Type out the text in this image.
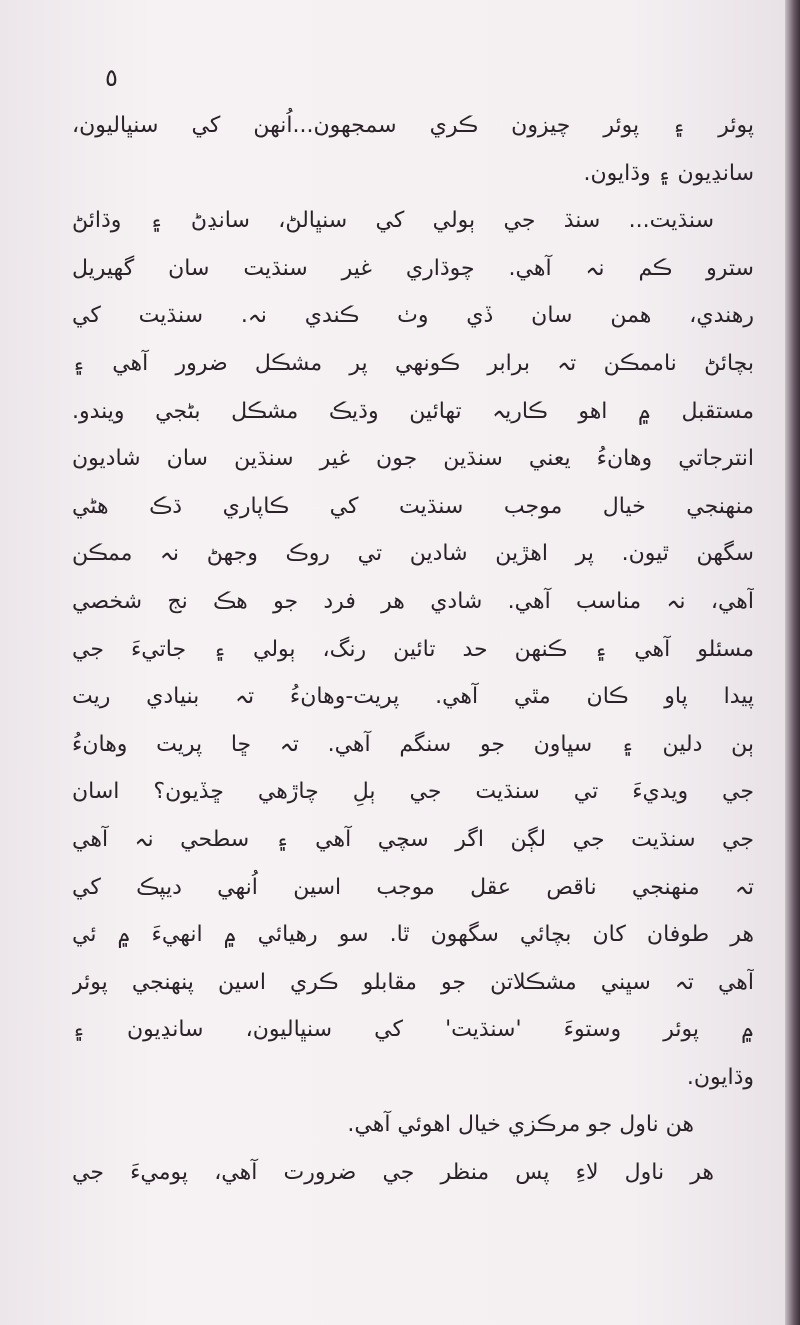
٥
پوئر ۽ پوئر چيزون ڪري سمجهون...اُنهن کي سنڀاليون،
سانڍيون ۽ وڌايون.
سنڌيت... سنڌ جي ٻولي کي سنڀالڻ، سانڍڻ ۽ وڌائڻ
سترو ڪم نہ آهي. چوڌاري غير سنڌيت سان گهيريل
رهندي، همن سان ڏي وٺ ڪندي نہ. سنڌيت کي
بچائڻ ناممڪن تہ برابر ڪونهي پر مشڪل ضرور آهي ۽
مستقبل ۾ اهو ڪاريہ تهائين وڌيڪ مشڪل بڻجي ويندو.
انترجاتي وهانءُ يعني سنڌين جون غير سنڌين سان شاديون
منهنجي خيال موجب سنڌيت کي ڪاپاري ڌڪ هڻي
سگهن ٿيون. پر اهڙين شادين تي روڪ وجهڻ نہ ممڪن
آهي، نہ مناسب آهي. شادي هر فرد جو هڪ نج شخصي
مسئلو آهي ۽ ڪنهن حد تائين رنگ، ٻولي ۽ جاتيءَ جي
پيدا پاو ڪان مٿي آهي. پريت-وهانءُ تہ بنيادي ريت
ٻن دلين ۽ سڀاون جو سنگم آهي. تہ ڇا پريت وهانءُ
جي ويديءَ تي سنڌيت جي ٻلِ چاڙهي ڇڏيون؟ اسان
جي سنڌيت جي لڳن اگر سچي آهي ۽ سطحي نہ آهي
تہ منهنجي ناقص عقل موجب اسين اُنهي ديپڪ کي
هر طوفان کان بچائي سگهون ٿا. سو رهيائي ۾ انهيءَ ۾ ئي
آهي تہ سڀني مشڪلاتن جو مقابلو ڪري اسين پنهنجي پوئر
۾ پوئر وستوءَ 'سنڌيت' کي سنڀاليون، سانڍيون ۽
وڌايون.
هن ناول جو مرڪزي خيال اهوئي آهي.
هر ناول لاءِ پس منظر جي ضرورت آهي، پوميءَ جي
